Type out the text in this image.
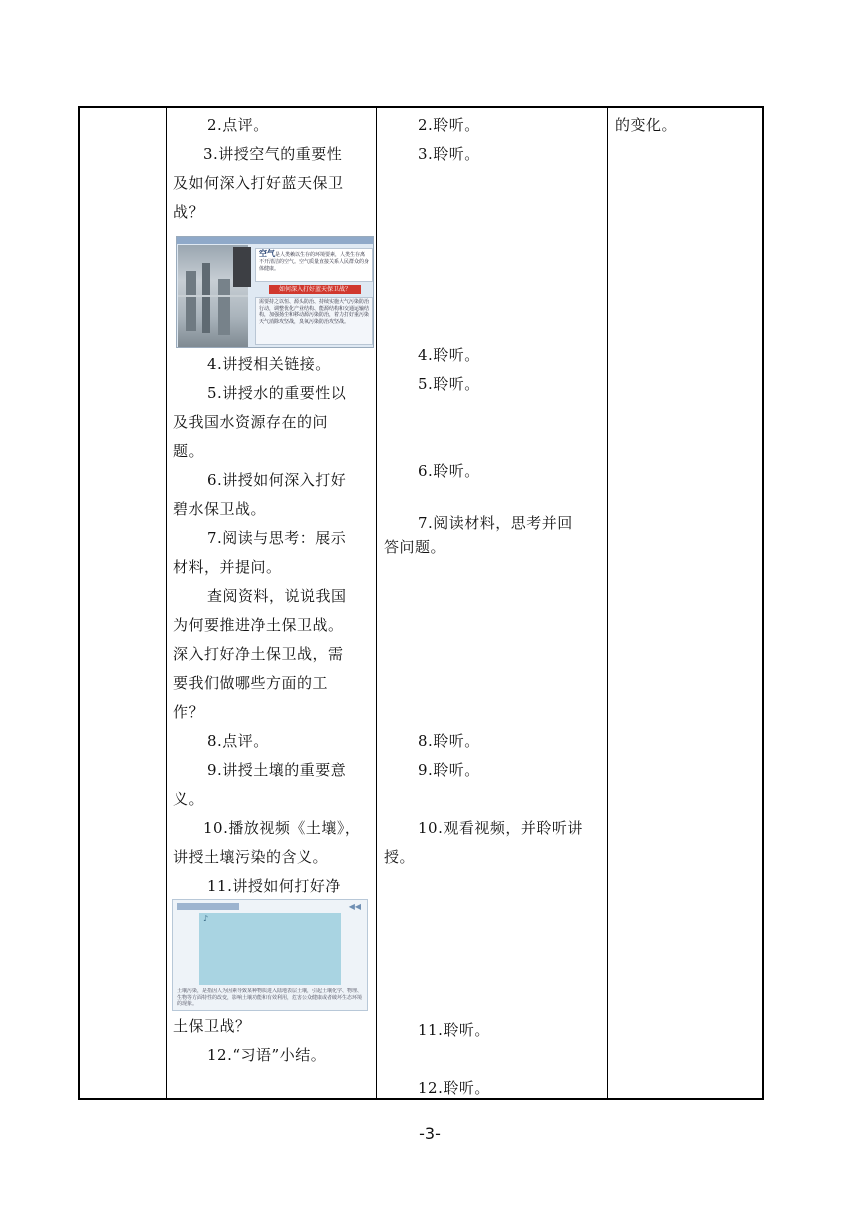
2.点评。
3.讲授空气的重要性
及如何深入打好蓝天保卫
战？
空气是人类赖以生存的环境要素，人类生存离不开清洁的空气。空气质量直接关系人民群众的身体健康。
如何深入打好蓝天保卫战？
需要持之以恒、源头防治、持续实施大气污染防治行动，调整优化产业结构、能源结构和交通运输结构，加强扬尘和移动源污染防治，着力打好重污染天气消除攻坚战，臭氧污染防治攻坚战。
4.讲授相关链接。
5.讲授水的重要性以
及我国水资源存在的问
题。
6.讲授如何深入打好
碧水保卫战。
7.阅读与思考：展示
材料，并提问。
查阅资料，说说我国
为何要推进净土保卫战。
深入打好净土保卫战，需
要我们做哪些方面的工
作？
8.点评。
9.讲授土壤的重要意
义。
10.播放视频《土壤》，
讲授土壤污染的含义。
11.讲授如何打好净
◀◀
♪
土壤污染，是指因人为因素导致某种物质进入陆地表层土壤，引起土壤化学、物理、生物等方面特性的改变，影响土壤功能和有效利用，危害公众健康或者破坏生态环境的现象。
土保卫战？
12.“习语”小结。
2.聆听。
3.聆听。
4.聆听。
5.聆听。
6.聆听。
7.阅读材料，思考并回
答问题。
8.聆听。
9.聆听。
10.观看视频，并聆听讲
授。
11.聆听。
12.聆听。
的变化。
-3-
